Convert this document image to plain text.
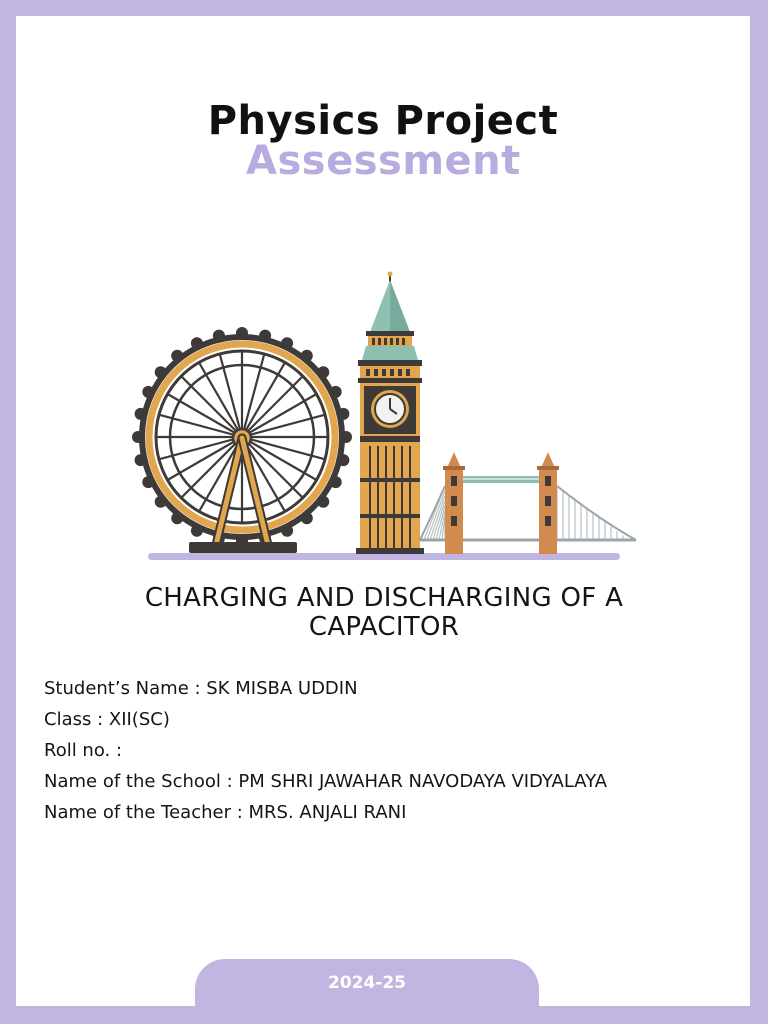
Physics Project
Assessment
CHARGING AND DISCHARGING OF A
CAPACITOR
Student’s Name : SK MISBA UDDIN
Class : XII(SC)
Roll no. :
Name of the School : PM SHRI JAWAHAR NAVODAYA VIDYALAYA
Name of the Teacher : MRS. ANJALI RANI
2024-25
